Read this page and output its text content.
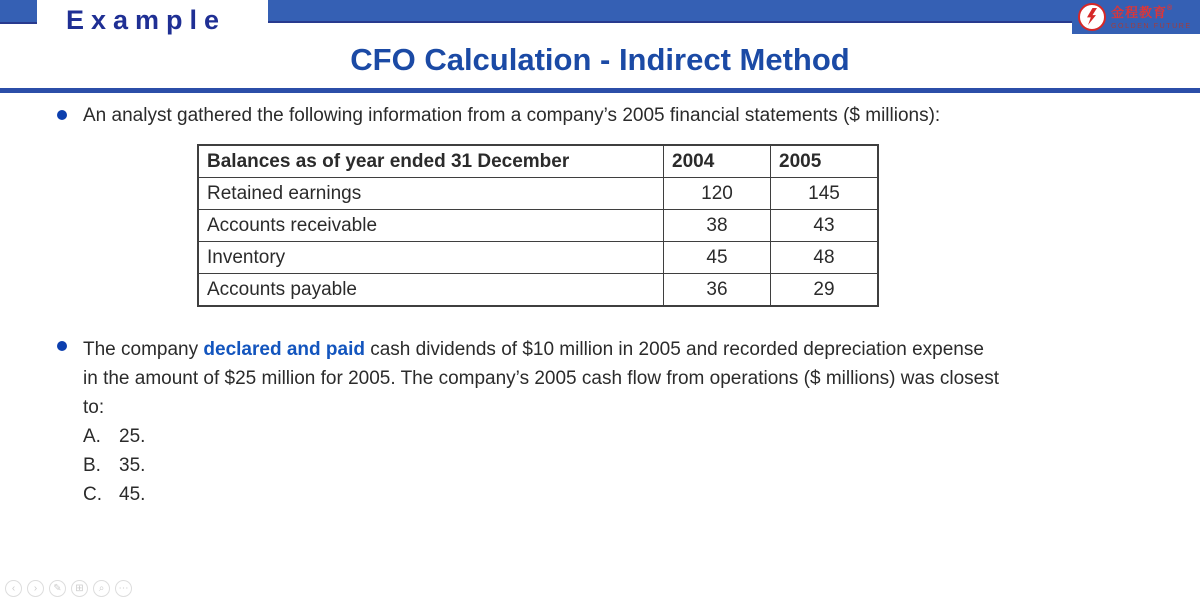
Example	金程教育®
GOLDEN FUTURE
CFO Calculation - Indirect Method
An analyst gathered the following information from a company’s 2005 financial statements ($ millions):
Balances as of year ended 31 December	2004	2005
Retained earnings	120	145
Accounts receivable	38	43
Inventory	45	48
Accounts payable	36	29
The company declared and paid cash dividends of $10 million in 2005 and recorded depreciation expense
in the amount of $25 million for 2005. The company’s 2005 cash flow from operations ($ millions) was closest
to:
A. 25.
B. 35.
C. 45.
‹ › ✎ ⊞ ⌕ ⋯
